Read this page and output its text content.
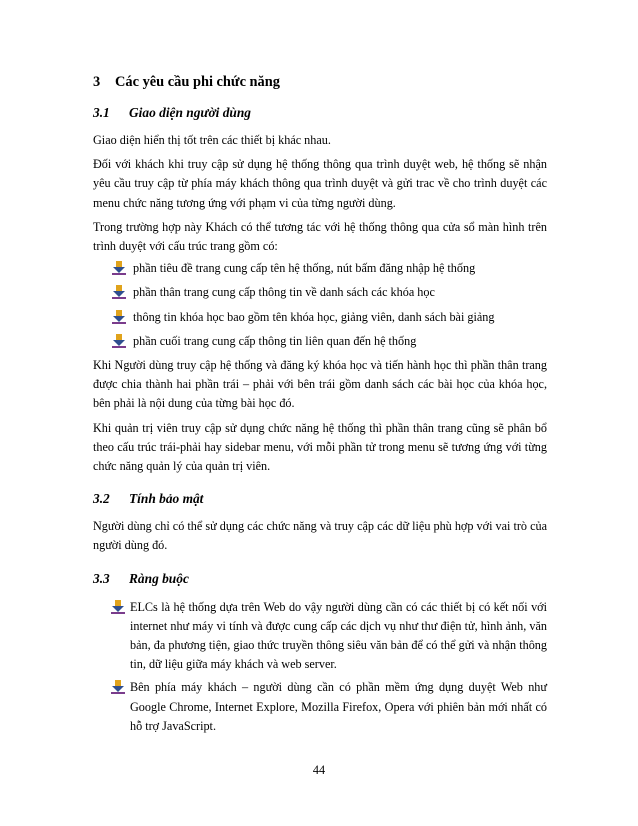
3 Các yêu cầu phi chức năng
3.1 Giao diện người dùng

Giao diện hiển thị tốt trên các thiết bị khác nhau.

Đối với khách khi truy cập sử dụng hệ thống thông qua trình duyệt web, hệ thống sẽ nhận yêu cầu truy cập từ phía máy khách thông qua trình duyệt và gửi trac về cho trình duyệt các menu chức năng tương ứng với phạm vi của từng người dùng.

Trong trường hợp này Khách có thể tương tác với hệ thống thông qua cửa sổ màn hình trên trình duyệt với cấu trúc trang gồm có:

phần tiêu đề trang cung cấp tên hệ thống, nút bấm đăng nhập hệ thống
phần thân trang cung cấp thông tin về danh sách các khóa học
thông tin khóa học bao gồm tên khóa học, giảng viên, danh sách bài giảng
phần cuối trang cung cấp thông tin liên quan đến hệ thống

Khi Người dùng truy cập hệ thống và đăng ký khóa học và tiến hành học thì phần thân trang được chia thành hai phần trái – phải với bên trái gồm danh sách các bài học của khóa học, bên phải là nội dung của từng bài học đó.

Khi quản trị viên truy cập sử dụng chức năng hệ thống thì phần thân trang cũng sẽ phân bổ theo cấu trúc trái-phải hay sidebar menu, với mỗi phần tử trong menu sẽ tương ứng với từng chức năng quản lý của quản trị viên.

3.2 Tính bảo mật

Người dùng chỉ có thể sử dụng các chức năng và truy cập các dữ liệu phù hợp với vai trò của người dùng đó.

3.3 Ràng buộc
ELCs là hệ thống dựa trên Web do vậy người dùng cần có các thiết bị có kết nối với internet như máy vi tính và được cung cấp các dịch vụ như thư điện tử, hình ảnh, văn bản, đa phương tiện, giao thức truyền thông siêu văn bản để có thể gửi và nhận thông tin, dữ liệu giữa máy khách và web server.
Bên phía máy khách – người dùng cần có phần mềm ứng dụng duyệt Web như Google Chrome, Internet Explore, Mozilla Firefox, Opera với phiên bản mới nhất có hỗ trợ JavaScript.
44
